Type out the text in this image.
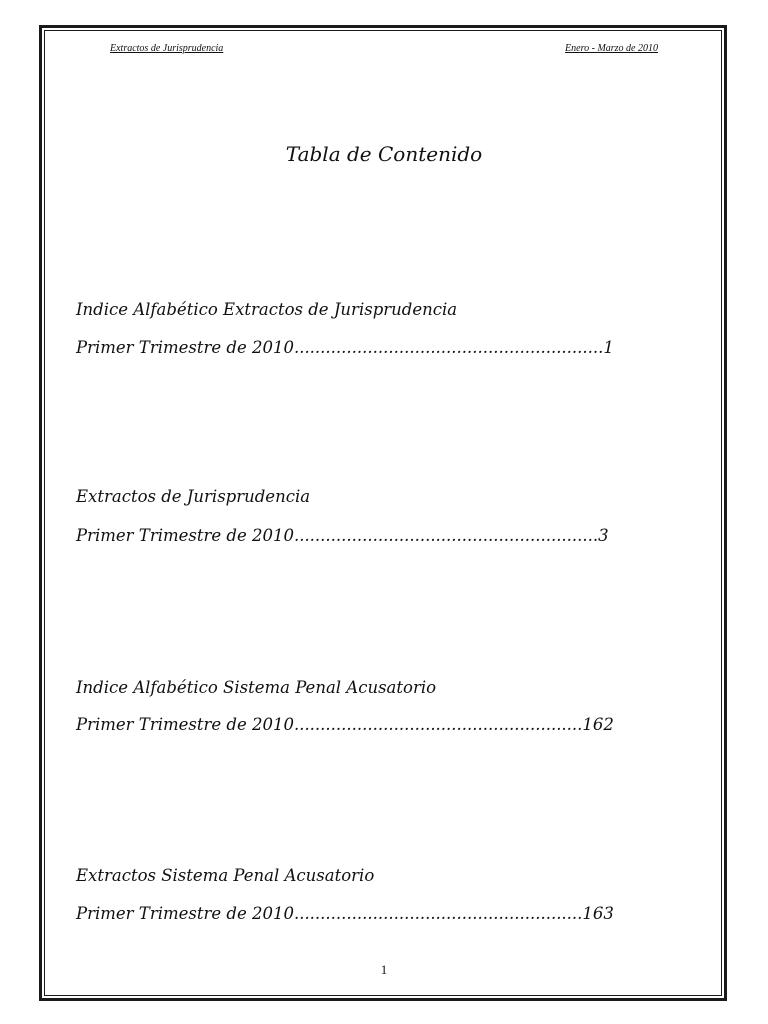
Extractos de Jurisprudencia	Enero - Marzo de 2010
Tabla de Contenido
Indice Alfabético Extractos de Jurisprudencia
Primer Trimestre de 2010...........................................................1
Extractos de Jurisprudencia
Primer Trimestre de 2010..........................................................3
Indice Alfabético Sistema Penal Acusatorio
Primer Trimestre de 2010.......................................................162
Extractos Sistema Penal Acusatorio
Primer Trimestre de 2010.......................................................163
1
